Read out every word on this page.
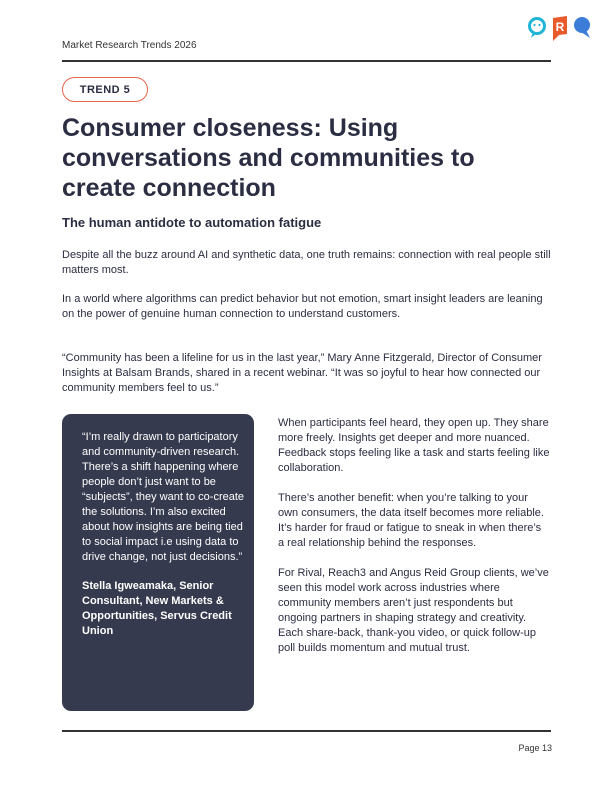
Market Research Trends 2026
R
TREND 5
Consumer closeness: Using conversations and communities to create connection
The human antidote to automation fatigue

Despite all the buzz around AI and synthetic data, one truth remains: connection with real people still matters most.

In a world where algorithms can predict behavior but not emotion, smart insight leaders are leaning on the power of genuine human connection to understand customers.

“Community has been a lifeline for us in the last year,” Mary Anne Fitzgerald, Director of Consumer Insights at Balsam Brands, shared in a recent webinar. “It was so joyful to hear how connected our community members feel to us.”

“I’m really drawn to participatory and community-driven research. There’s a shift happening where people don’t just want to be “subjects”, they want to co-create the solutions. I’m also excited about how insights are being tied to social impact i.e using data to drive change, not just decisions.”

Stella Igweamaka, Senior Consultant, New Markets & Opportunities, Servus Credit Union

When participants feel heard, they open up. They share more freely. Insights get deeper and more nuanced. Feedback stops feeling like a task and starts feeling like collaboration.

There’s another benefit: when you’re talking to your own consumers, the data itself becomes more reliable. It’s harder for fraud or fatigue to sneak in when there’s a real relationship behind the responses.

For Rival, Reach3 and Angus Reid Group clients, we’ve seen this model work across industries where community members aren’t just respondents but ongoing partners in shaping strategy and creativity. Each share-back, thank-you video, or quick follow-up poll builds momentum and mutual trust.

Page 13
